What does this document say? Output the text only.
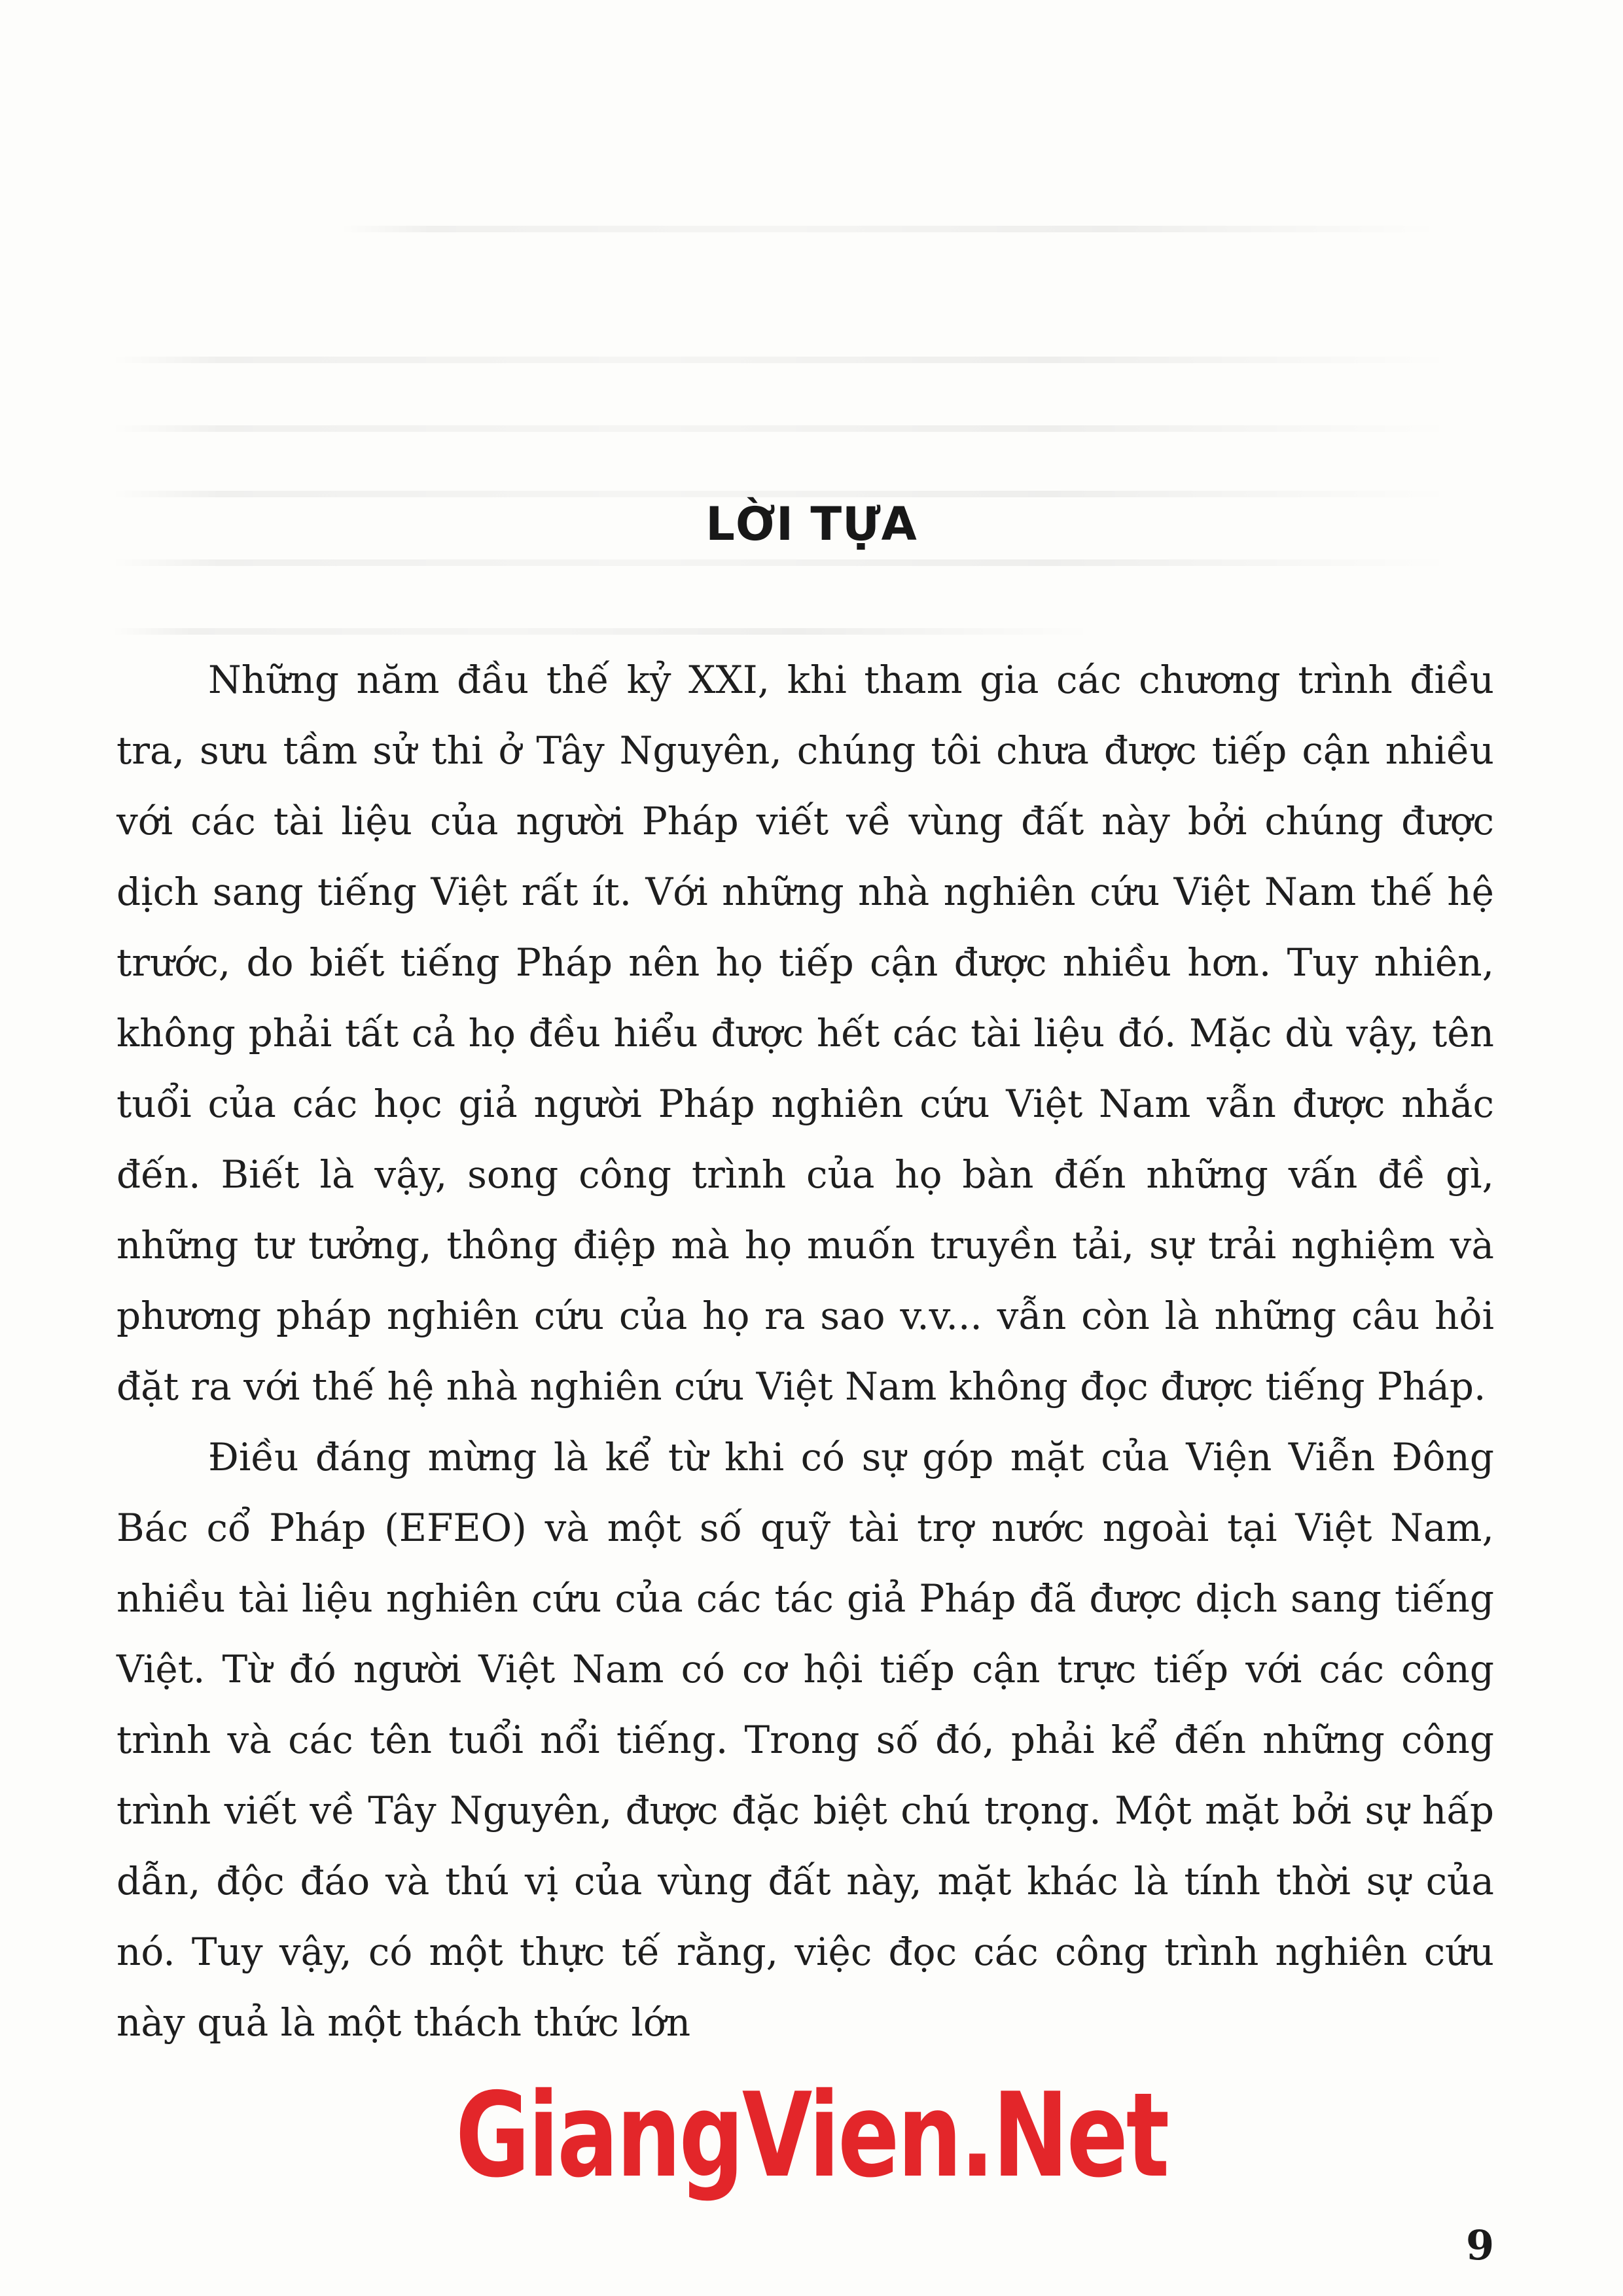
LỜI TỰA

Những năm đầu thế kỷ XXI, khi tham gia các chương trình điều tra, sưu tầm sử thi ở Tây Nguyên, chúng tôi chưa được tiếp cận nhiều với các tài liệu của người Pháp viết về vùng đất này bởi chúng được dịch sang tiếng Việt rất ít. Với những nhà nghiên cứu Việt Nam thế hệ trước, do biết tiếng Pháp nên họ tiếp cận được nhiều hơn. Tuy nhiên, không phải tất cả họ đều hiểu được hết các tài liệu đó. Mặc dù vậy, tên tuổi của các học giả người Pháp nghiên cứu Việt Nam vẫn được nhắc đến. Biết là vậy, song công trình của họ bàn đến những vấn đề gì, những tư tưởng, thông điệp mà họ muốn truyền tải, sự trải nghiệm và phương pháp nghiên cứu của họ ra sao v.v... vẫn còn là những câu hỏi đặt ra với thế hệ nhà nghiên cứu Việt Nam không đọc được tiếng Pháp.

Điều đáng mừng là kể từ khi có sự góp mặt của Viện Viễn Đông Bác cổ Pháp (EFEO) và một số quỹ tài trợ nước ngoài tại Việt Nam, nhiều tài liệu nghiên cứu của các tác giả Pháp đã được dịch sang tiếng Việt. Từ đó người Việt Nam có cơ hội tiếp cận trực tiếp với các công trình và các tên tuổi nổi tiếng. Trong số đó, phải kể đến những công trình viết về Tây Nguyên, được đặc biệt chú trọng. Một mặt bởi sự hấp dẫn, độc đáo và thú vị của vùng đất này, mặt khác là tính thời sự của nó. Tuy vậy, có một thực tế rằng, việc đọc các công trình nghiên cứu này quả là một thách thức lớn

GiangVien.Net
9
